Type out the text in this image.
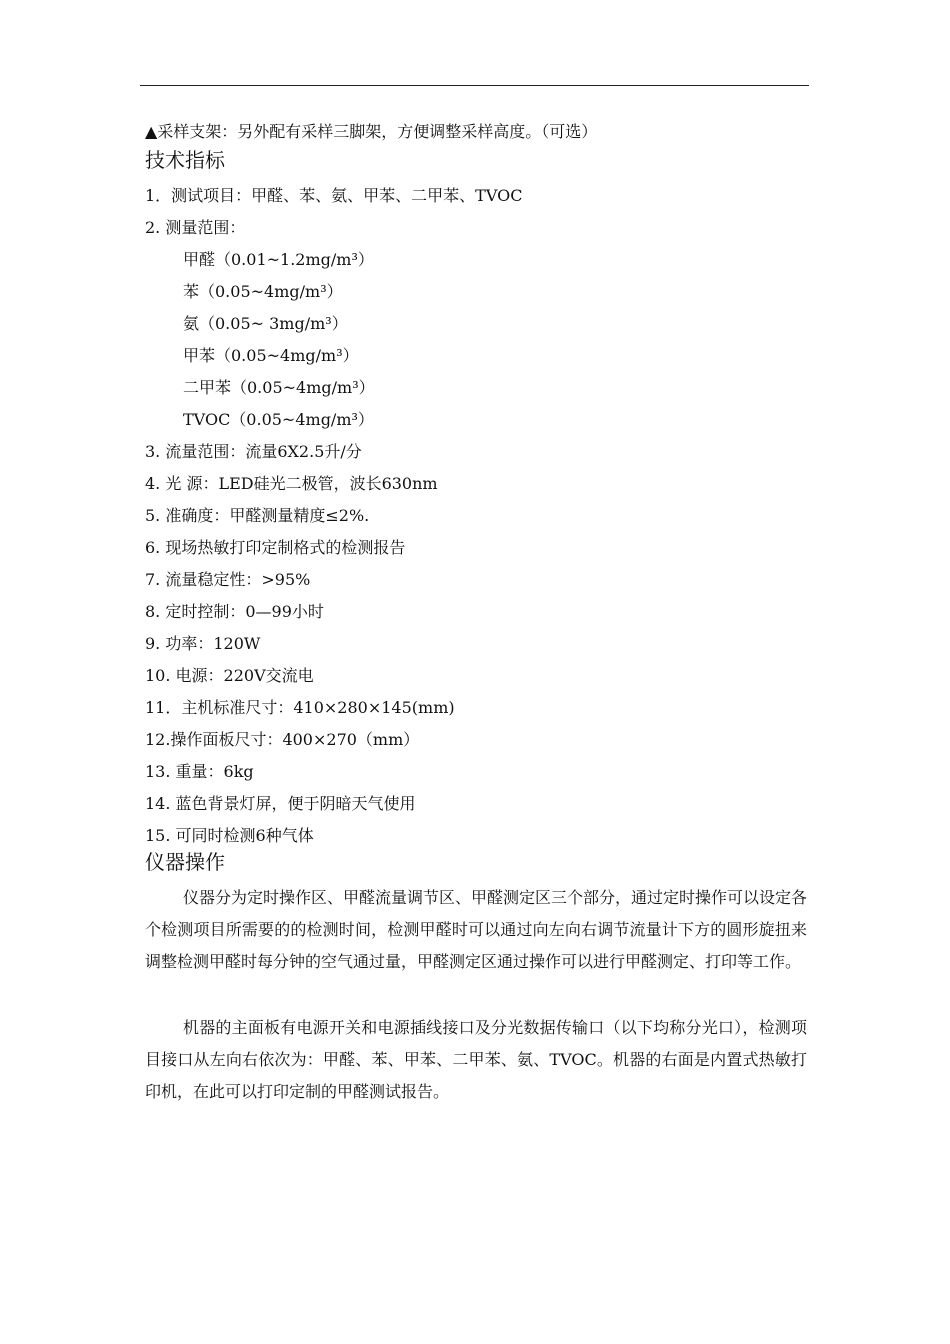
▲采样支架：另外配有采样三脚架，方便调整采样高度。（可选）
技术指标
1．测试项目：甲醛、苯、氨、甲苯、二甲苯、TVOC
2. 测量范围：
甲醛（0.01~1.2mg/m³）
苯（0.05~4mg/m³）
氨（0.05~ 3mg/m³）
甲苯（0.05~4mg/m³）
二甲苯（0.05~4mg/m³）
TVOC（0.05~4mg/m³）
3. 流量范围：流量6X2.5升/分
4. 光 源：LED硅光二极管，波长630nm
5. 准确度：甲醛测量精度≤2%.
6. 现场热敏打印定制格式的检测报告
7. 流量稳定性：>95%
8. 定时控制：0—99小时
9. 功率：120W
10. 电源：220V交流电
11．主机标准尺寸：410×280×145(mm)
12.操作面板尺寸：400×270（mm）
13. 重量：6kg
14. 蓝色背景灯屏，便于阴暗天气使用
15. 可同时检测6种气体
仪器操作
仪器分为定时操作区、甲醛流量调节区、甲醛测定区三个部分，通过定时操作可以设定各个检测项目所需要的的检测时间，检测甲醛时可以通过向左向右调节流量计下方的圆形旋扭来调整检测甲醛时每分钟的空气通过量，甲醛测定区通过操作可以进行甲醛测定、打印等工作。
机器的主面板有电源开关和电源插线接口及分光数据传输口（以下均称分光口），检测项目接口从左向右依次为：甲醛、苯、甲苯、二甲苯、氨、TVOC。机器的右面是内置式热敏打印机，在此可以打印定制的甲醛测试报告。
